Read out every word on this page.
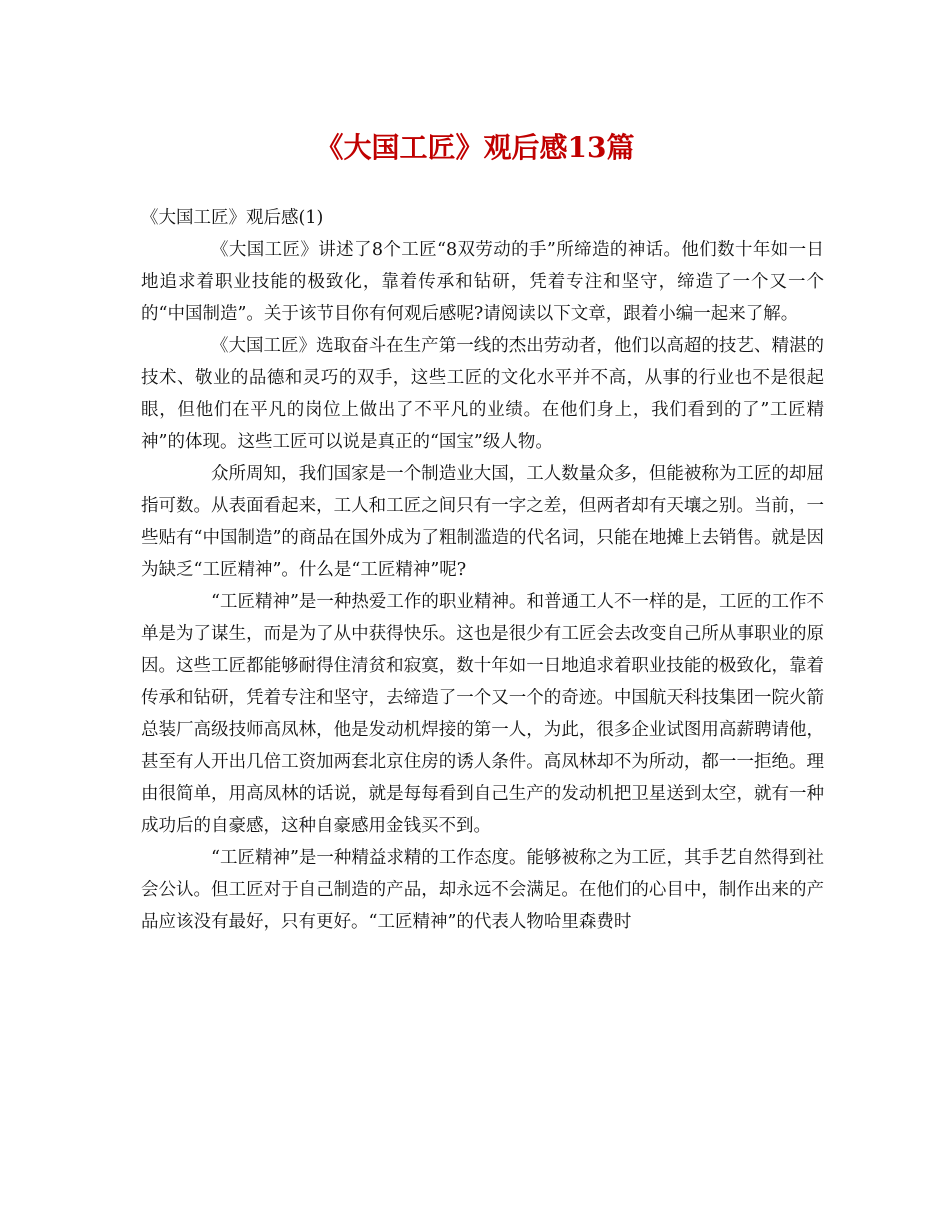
《大国工匠》观后感13篇

《大国工匠》观后感(1)

《大国工匠》讲述了8个工匠“8双劳动的手”所缔造的神话。他们数十年如一日地追求着职业技能的极致化，靠着传承和钻研，凭着专注和坚守，缔造了一个又一个的“中国制造”。关于该节目你有何观后感呢?请阅读以下文章，跟着小编一起来了解。

《大国工匠》选取奋斗在生产第一线的杰出劳动者，他们以高超的技艺、精湛的技术、敬业的品德和灵巧的双手，这些工匠的文化水平并不高，从事的行业也不是很起眼，但他们在平凡的岗位上做出了不平凡的业绩。在他们身上，我们看到的了”工匠精神”的体现。这些工匠可以说是真正的“国宝”级人物。

众所周知，我们国家是一个制造业大国，工人数量众多，但能被称为工匠的却屈指可数。从表面看起来，工人和工匠之间只有一字之差，但两者却有天壤之别。当前，一些贴有“中国制造”的商品在国外成为了粗制滥造的代名词，只能在地摊上去销售。就是因为缺乏“工匠精神”。什么是“工匠精神”呢?

“工匠精神”是一种热爱工作的职业精神。和普通工人不一样的是，工匠的工作不单是为了谋生，而是为了从中获得快乐。这也是很少有工匠会去改变自己所从事职业的原因。这些工匠都能够耐得住清贫和寂寞，数十年如一日地追求着职业技能的极致化，靠着传承和钻研，凭着专注和坚守，去缔造了一个又一个的奇迹。中国航天科技集团一院火箭总装厂高级技师高凤林，他是发动机焊接的第一人，为此，很多企业试图用高薪聘请他，甚至有人开出几倍工资加两套北京住房的诱人条件。高凤林却不为所动，都一一拒绝。理由很简单，用高凤林的话说，就是每每看到自己生产的发动机把卫星送到太空，就有一种成功后的自豪感，这种自豪感用金钱买不到。

“工匠精神”是一种精益求精的工作态度。能够被称之为工匠，其手艺自然得到社会公认。但工匠对于自己制造的产品，却永远不会满足。在他们的心目中，制作出来的产品应该没有最好，只有更好。“工匠精神”的代表人物哈里森费时
